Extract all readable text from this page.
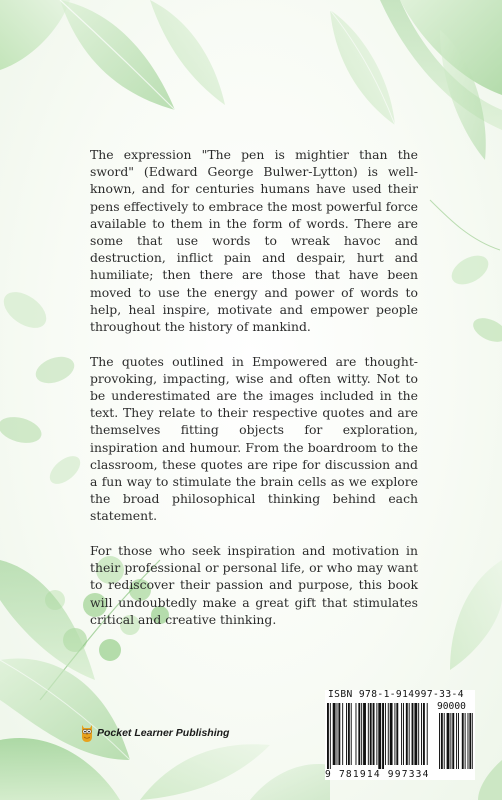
The expression "The pen is mightier than the sword" (Edward George Bulwer-Lytton) is well-known, and for centuries humans have used their pens effectively to embrace the most powerful force available to them in the form of words. There are some that use words to wreak havoc and destruction, inflict pain and despair, hurt and humiliate; then there are those that have been moved to use the energy and power of words to help, heal inspire, motivate and empower people throughout the history of mankind.

The quotes outlined in Empowered are thought-provoking, impacting, wise and often witty. Not to be underestimated are the images included in the text. They relate to their respective quotes and are themselves fitting objects for exploration, inspiration and humour. From the boardroom to the classroom, these quotes are ripe for discussion and a fun way to stimulate the brain cells as we explore the broad philosophical thinking behind each statement.

For those who seek inspiration and motivation in their professional or personal life, or who may want to rediscover their passion and purpose, this book will undoubtedly make a great gift that stimulates critical and creative thinking.

Pocket Learner Publishing
ISBN 978-1-914997-33-4
90000
9 781914 997334
